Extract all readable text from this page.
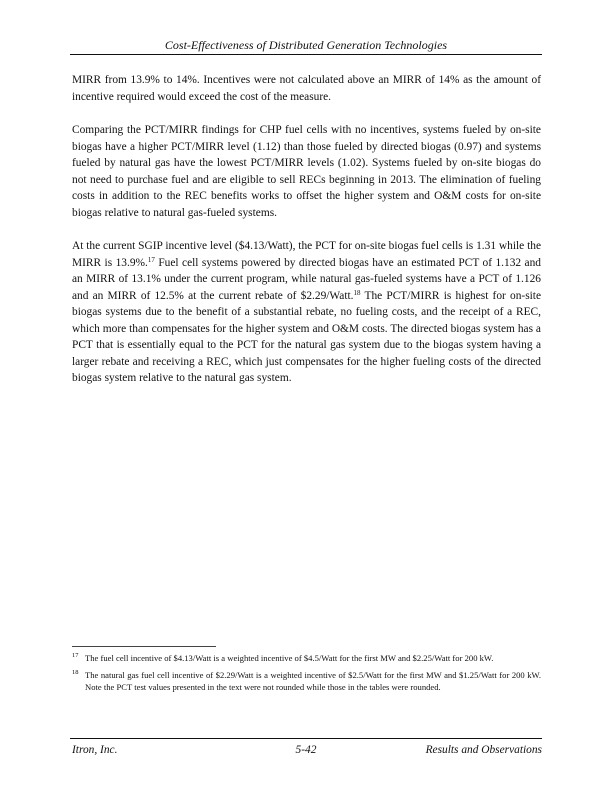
Cost-Effectiveness of Distributed Generation Technologies

MIRR from 13.9% to 14%. Incentives were not calculated above an MIRR of 14% as the amount of incentive required would exceed the cost of the measure.

Comparing the PCT/MIRR findings for CHP fuel cells with no incentives, systems fueled by on-site biogas have a higher PCT/MIRR level (1.12) than those fueled by directed biogas (0.97) and systems fueled by natural gas have the lowest PCT/MIRR levels (1.02). Systems fueled by on-site biogas do not need to purchase fuel and are eligible to sell RECs beginning in 2013. The elimination of fueling costs in addition to the REC benefits works to offset the higher system and O&M costs for on-site biogas relative to natural gas-fueled systems.

At the current SGIP incentive level ($4.13/Watt), the PCT for on-site biogas fuel cells is 1.31 while the MIRR is 13.9%.$^{17}$ Fuel cell systems powered by directed biogas have an estimated PCT of 1.132 and an MIRR of 13.1% under the current program, while natural gas-fueled systems have a PCT of 1.126 and an MIRR of 12.5% at the current rebate of $2.29/Watt.$^{18}$ The PCT/MIRR is highest for on-site biogas systems due to the benefit of a substantial rebate, no fueling costs, and the receipt of a REC, which more than compensates for the higher system and O&M costs. The directed biogas system has a PCT that is essentially equal to the PCT for the natural gas system due to the biogas system having a larger rebate and receiving a REC, which just compensates for the higher fueling costs of the directed biogas system relative to the natural gas system.

17 The fuel cell incentive of $4.13/Watt is a weighted incentive of $4.5/Watt for the first MW and $2.25/Watt for 200 kW.
18 The natural gas fuel cell incentive of $2.29/Watt is a weighted incentive of $2.5/Watt for the first MW and $1.25/Watt for 200 kW. Note the PCT test values presented in the text were not rounded while those in the tables were rounded.
Itron, Inc.	5-42	Results and Observations
